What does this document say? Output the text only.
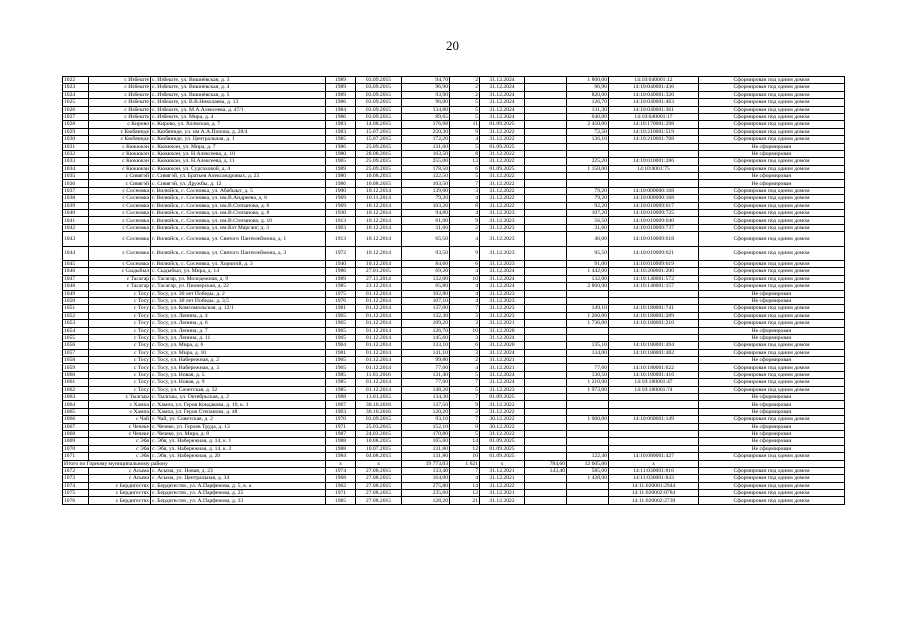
20
1022	с Избеште	с. Избеште, ул. Вишнёвская, д. 3	1989	03.09.2015	94,70	2	31.12.2024		1 800,00	14:10:040001:12	Сформирован под одним домом
1023	с Избеште	с. Избеште, ул. Вишнёвская, д. 4	1989	03.09.2015	96,90	2	31.12.2024		96,90	14:10:040001:436	Сформирован под одним домом
1024	с Избеште	с. Избеште, ул. Вишнёвская, д. 5	1989	03.09.2015	93,90	2	31.12.2024		820,00	14:10:040001:320	Сформирован под одним домом
1025	с Избеште	с. Избеште, ул. В.В.Николаева, д. 13	1986	03.09.2015	96,00	5	31.12.2024		126,70	14:10:040001:463	Сформирован под одним домом
1026	с Избеште	с. Избеште, ул. М.А.Алексеева, д. 47/1	1984	03.09.2015	134,80	5	31.12.2024		131,30	14:10:040001:361	Сформирован под одним домом
1027	с Избеште	с. Избеште, ул. Мира, д. 4	1986	03.09.2015	89,65	5	31.12.2024		640,00	14:10:040001:17	Сформирован под одним домом
1028	с Кирово	с. Кирово, ул. Холмская, д. 7	1983	14.08.2015	176,98	11	01.09.2025		2 450,00	14:10:170001:298	Сформирован под одним домом
1029	с Кюбяинде	с. Кюбяинде, ул. им А.А.Попова, д. 28/4	1983	15.07.2015	250,30	9	31.12.2022		72,50	14:10:210001:519	Сформирован под одним домом
1030	с Кюбяинде	с. Кюбяинде, ул. Центральная, д. 1	1985	15.07.2015	172,20	4	31.12.2022		136,10	14:10:210001:708	Сформирован под одним домом
1031	с Кюкюкэн	с. Кюкюкэн, ул. Мира, д. 7	1986	25.09.2015	131,60	5	01.09.2025				Не сформирован
1032	с Кюкюкэн	с. Кюкюкэн, ул. Н.Алексеева, д. 10	1980	28.08.2015	163,50	8	31.12.2022				Не сформирован
1033	с Кюкюкэн	с. Кюкюкэн, ул. Н.Алексеева, д. 11	1965	25.09.2015	255,00	13	31.12.2022		225,20	14:10:010001:286	Сформирован под одним домом
1034	с Кюкюкэн	с. Кюкюкэн, ул. Сургаховой, д. 4	1989	25.09.2015	178,50	6	01.09.2025		1 150,00	14:10:0001:75	Сформирован под одним домом
1035	с Сивягэй	с. Сивягэй, ул. Братьев Александровых, д. 23	1980	10.08.2015	122,50	5	31.12.2022				Не сформирован
1036	с Сивягэй	с. Сивягэй, ул. Дружбы, д. 12	1986	10.08.2015	103,50	7	31.12.2022				Не сформирован
1037	с Сосновка	г. Вилюйск, с. Сосновка, ул. Абабыыт, д. 5	1900	10.12.2014	139,00	3	31.12.2022		79,20	14:10:000000:168	Сформирован под одним домом
1038	с Сосновка	г. Вилюйск, с. Сосновка, ул. им.В.Андреева, д. 6	1969	10.11.2014	79,20	4	31.12.2022		79,20	14:10:000000:168	Сформирован под одним домом
1039	с Сосновка	г. Вилюйск, с. Сосновка, ул. им.В.Степанова, д. 6	1969	10.12.2014	103,20	8	31.12.2022		92,20	14:10:010009:617	Сформирован под одним домом
1040	с Сосновка	г. Вилюйск, с. Сосновка, ул. им.В.Степанова, д. 8	1930	10.12.2014	94,80	4	31.12.2023		107,20	14:10:010009:725	Сформирован под одним домом
1041	с Сосновка	г. Вилюйск, с. Сосновка, ул. им.В.Степанова, д. 10	1913	10.12.2014	61,90	9	31.12.2023		56,50	14:10:010009:640	Сформирован под одним домом
1042	с Сосновка	г. Вилюйск, с. Сосновка, ул. им.Кэт Марсанг, д. 3	1963	10.12.2014	31,60	2	31.12.2023		31,60	14:10:010009:737	Сформирован под одним домом
1043	с Сосновка	г. Вилюйск, с. Сосновка, ул. Святого Пантелеймона, д. 1	1913	10.12.2014	65,50	4	31.12.2023		46,00	14:10:010009:618	Сформирован под одним домом
1044	с Сосновка	г. Вилюйск, с. Сосновка, ул. Святого Пантелеймона, д. 3	1972	10.12.2014	93,50	9	31.12.2023		95,50	14:10:010009:621	Сформирован под одним домом
1045	с Сосновка	г. Вилюйск, с. Сосновка, ул. Хорюгой, д. 3	1940	10.12.2014	84,60	6	31.12.2023		91,00	14:10:010009:619	Сформирован под одним домом
1046	с Сыдыбыл	с. Сыдыбыл, ул. Мира, д. 14	1986	27.01.2015	69,20	4	31.12.2024		1 442,00	14:10:200001:200	Сформирован под одним домом
1047	с Тасагар	с. Тасагар, ул. Молодежная, д. 9	1989	27.11.2014	132,00	10	31.12.2024		132,00	14:10:140001:572	Сформирован под одним домом
1048	с Тасагар	с. Тасагар, ул. Пионерская, д. 22	1985	23.12.2014	65,80	4	31.12.2024		2 860,00	14:10:140001:157	Сформирован под одним домом
1049	с Тосу	с. Тосу, ул. 30 лет Победы, д. 2	1975	01.12.2014	102,80	4	31.12.2023				Не сформирован
1050	с Тосу	с. Тосу, ул. 30 лет Победы, д. 3,5	1976	01.12.2014	107,10	4	31.12.2023				Не сформирован
1051	с Тосу	с. Тосу, ул. Комсомольская, д. 12/1	1981	01.12.2014	137,00	7	31.12.2023		149,10	14:10:180001:741	Сформирован под одним домом
1052	с Тосу	с. Тосу, ул. Ленина, д. 4	1965	01.12.2014	132,30	3	31.12.2023		1 260,00	14:10:180001:289	Сформирован под одним домом
1053	с Тосу	с. Тосу, ул. Ленина, д. 6	1965	01.12.2014	109,20	3	31.12.2021		1 736,00	14:10:180001:210	Сформирован под одним домом
1054	с Тосу	с. Тосу, ул. Ленина, д. 7	1965	01.12.2014	126,70	10	31.12.2020				Не сформирован
1055	с Тосу	с. Тосу, ул. Ленина, д. 11	1965	01.12.2014	145,60	3	31.12.2024				Не сформирован
1056	с Тосу	с. Тосу, ул. Мира, д. 6	1964	01.12.2014	133,10	6	31.12.2020		135,10	14:10:180001:494	Сформирован под одним домом
1057	с Тосу	с. Тосу, ул. Мира, д. 10	1981	01.12.2014	141,10	3	31.12.2024		134,00	14:10:180001:482	Сформирован под одним домом
1058	с Тосу	с. Тосу, ул. Набережная, д. 2	1965	01.12.2014	99,80	2	31.12.2021				Не сформирован
1059	с Тосу	с. Тосу, ул. Набережная, д. 3	1965	01.12.2014	77,60	4	31.12.2021		77,60	14:10:180001:622	Сформирован под одним домом
1060	с Тосу	с. Тосу, ул. Новая, д. 5	1985	11.01.2016	131,40	5	31.12.2024		130,50	14:10:180001:416	Сформирован под одним домом
1061	с Тосу	с. Тосу, ул. Новая, д. 9	1985	01.12.2014	77,60	7	31.12.2024		1 210,00	14:10:180001:47	Сформирован под одним домом
1062	с Тосу	с. Тосу, ул. Сочетская, д. 32	1985	01.12.2014	148,20	5	31.12.2023		1 973,00	14:10:180001:74	Сформирован под одним домом
1063	с Тылгыы	с. Тылгыы, ул. Октябрьская, д. 2	1988	13.01.2015	134,30	7	01.09.2025				Не сформирован
1064	с Хампа	с. Хампа, ул. Героя Кондакова, д. 10, к. 1	1967	30.10.2016	137,50	9	31.12.2022				Не сформирован
1065	с Хампа	с. Хампа, ул. Героя Степанова, д. 48	1963	30.10.2016	120,20	2	31.12.2022				Не сформирован
1066	с Чай	с. Чай, ул. Советская, д. 2	1970	03.09.2015	93,10	7	30.12.2022		1 000,00	14:10:060001:149	Сформирован под одним домом
1067	с Чечеке	с. Чечеке, ул. Героев Труда, д. 13	1971	25.03.2015	152,10	8	30.12.2022				Не сформирован
1068	с Чечеке	с. Чечеке, ул. Мира, д. 8	1987	24.03.2015	170,80	5	31.12.2022				Не сформирован
1069	с Эбя	с. Эбя, ул. Набережная, д. 14, к. 1	1988	10.08.2015	165,60	14	01.09.2025				Не сформирован
1070	с Эбя	с. Эбя, ул. Набережная, д. 14, к. 2	1988	10.07.2015	131,80	12	01.09.2025				Не сформирован
1071	с Эбя	с. Эбя, ул. Набережная, д. 20	1984	04.08.2015	131,80	10	01.09.2025		122,40	14:10:080001:427	Сформирован под одним домом
Итого по Горному муниципальному району			x	x	19 773,03	1 621	x	784,60	12 605,00	x	
1072	с Асыма	с. Асыма, ул. Новая, д. 23	1974	27.08.2015	133,40	7	31.12.2021	143,40	585,00	14:11:030001:816	Сформирован под одним домом
1073	с Асыма	с. Асыма, ул. Центральная, д. 34	1968	27.08.2015	164,00	4	31.12.2021		1 428,00	14:11:030001:843	Сформирован под одним домом
1074	с Бердигестях	с. Бердигестях, ул. А.Парфенова, д. 5, к. а	1962	27.08.2015	275,80	14	31.12.2022			14:11:020001:2944	Сформирован под одним домом
1075	с Бердигестях	с. Бердигестях, ул. А.Парфенова, д. 25	1971	27.08.2015	235,60	12	31.12.2021			14:11:020002:0784	Сформирован под одним домом
1076	с Бердигестях	с. Бердигестях, ул. А.Парфенова, д. 33	1985	27.08.2015	128,20	21	31.12.2022			14:11:020002:2739	Сформирован под одним домом
